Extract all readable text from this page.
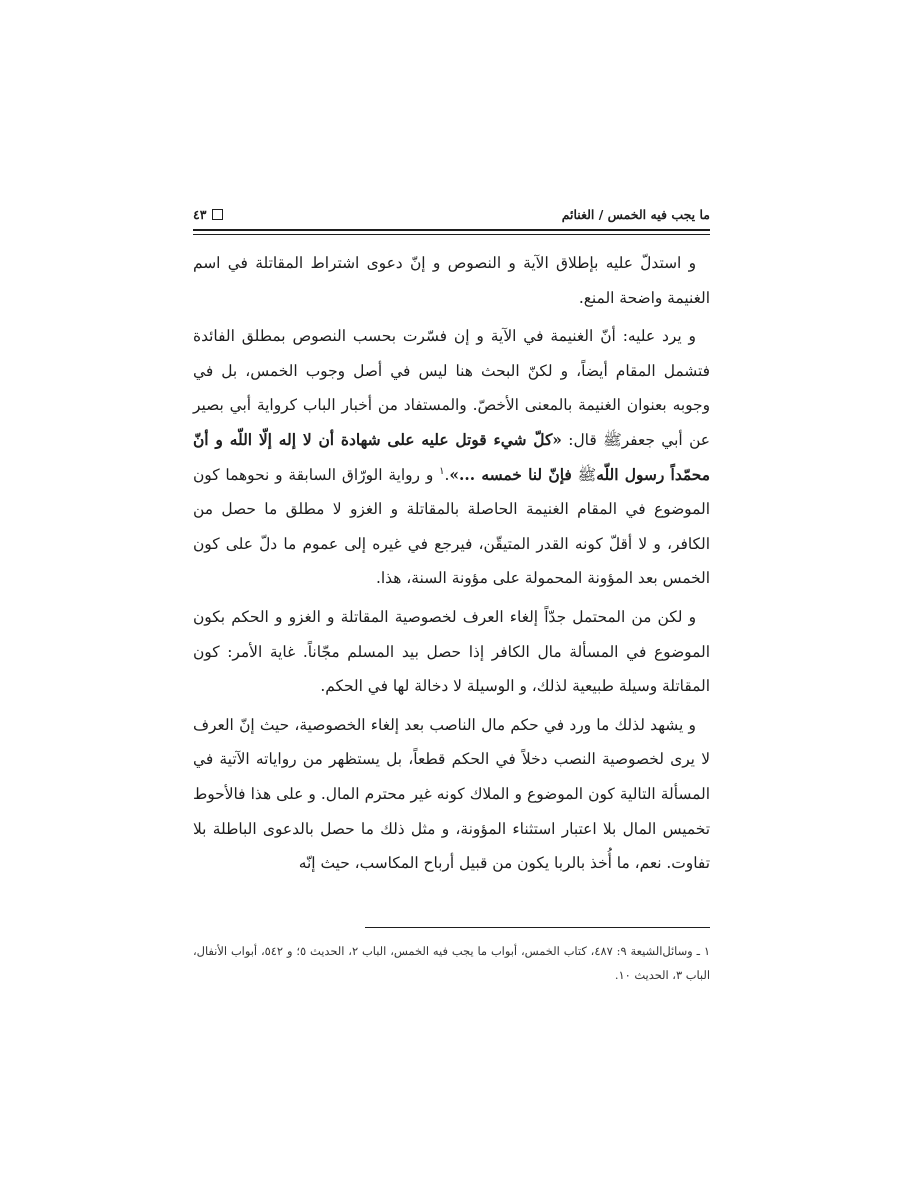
٤٣	ما يجب فيه الخمس / الغنائم

و استدلّ عليه بإطلاق الآية و النصوص و إنّ دعوى اشتراط المقاتلة في اسم الغنيمة واضحة المنع.

و يرد عليه: أنّ الغنيمة في الآية و إن فسّرت بحسب النصوص بمطلق الفائدة فتشمل المقام أيضاً، و لكنّ البحث هنا ليس في أصل وجوب الخمس، بل في وجوبه بعنوان الغنيمة بالمعنى الأخصّ. والمستفاد من أخبار الباب كرواية أبي بصير عن أبي جعفرﷺ قال: «كلّ شيء قوتل عليه على شهادة أن لا إله إلّا اللّه و أنّ محمّداً رسول اللّهﷺ فإنّ لنا خمسه ...».$^١$ و رواية الورّاق السابقة و نحوهما كون الموضوع في المقام الغنيمة الحاصلة بالمقاتلة و الغزو لا مطلق ما حصل من الكافر، و لا أقلّ كونه القدر المتيقّن، فيرجع في غيره إلى عموم ما دلّ على كون الخمس بعد المؤونة المحمولة على مؤونة السنة، هذا.

و لكن من المحتمل جدّاً إلغاء العرف لخصوصية المقاتلة و الغزو و الحكم بكون الموضوع في المسألة مال الكافر إذا حصل بيد المسلم مجّاناً. غاية الأمر: كون المقاتلة وسيلة طبيعية لذلك، و الوسيلة لا دخالة لها في الحكم.

و يشهد لذلك ما ورد في حكم مال الناصب بعد إلغاء الخصوصية، حيث إنّ العرف لا يرى لخصوصية النصب دخلاً في الحكم قطعاً، بل يستظهر من رواياته الآتية في المسألة التالية كون الموضوع و الملاك كونه غير محترم المال. و على هذا فالأحوط تخميس المال بلا اعتبار استثناء المؤونة، و مثل ذلك ما حصل بالدعوى الباطلة بلا تفاوت. نعم، ما أُخذ بالربا يكون من قبيل أرباح المكاسب، حيث إنّه

١ ـ وسائل‌الشيعة ٩: ٤٨٧، كتاب الخمس، أبواب ما يجب فيه الخمس، الباب ٢، الحديث ٥؛ و ٥٤٢، أبواب الأنفال، الباب ٣، الحديث ١٠.
